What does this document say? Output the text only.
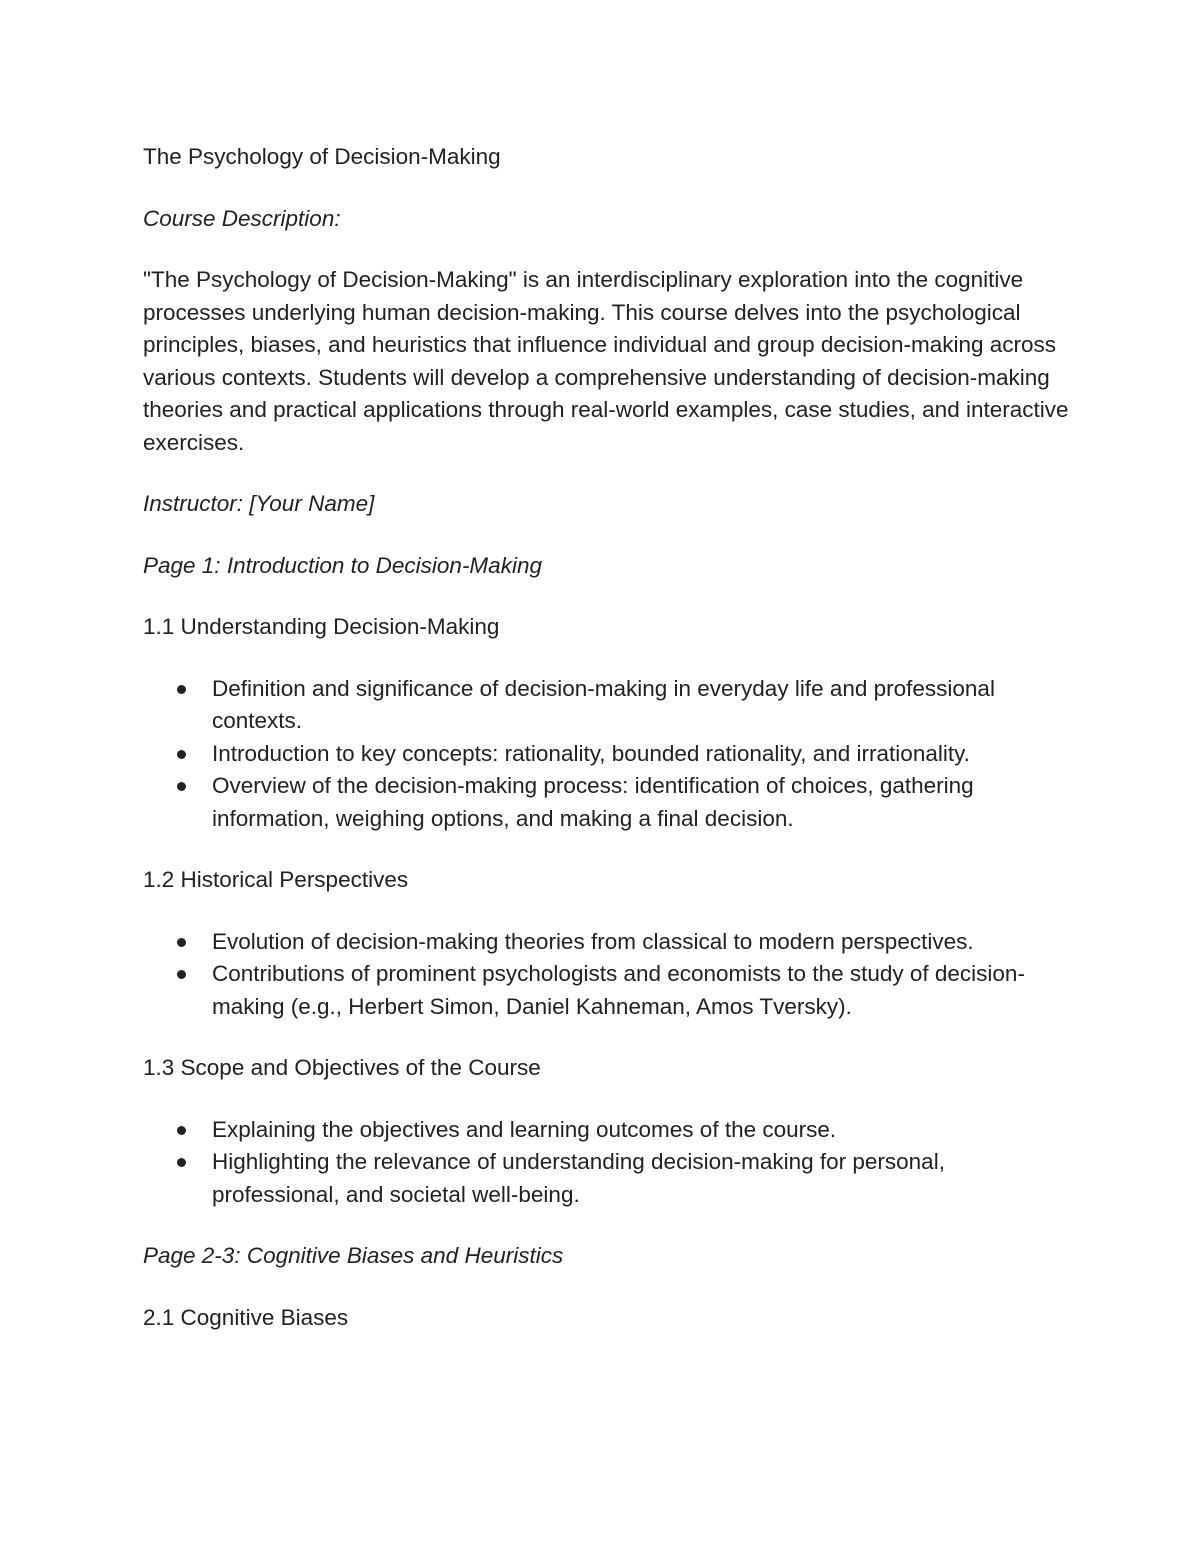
The Psychology of Decision-Making

Course Description:

"The Psychology of Decision-Making" is an interdisciplinary exploration into the cognitive processes underlying human decision-making. This course delves into the psychological principles, biases, and heuristics that influence individual and group decision-making across various contexts. Students will develop a comprehensive understanding of decision-making theories and practical applications through real-world examples, case studies, and interactive exercises.

Instructor: [Your Name]

Page 1: Introduction to Decision-Making

1.1 Understanding Decision-Making

Definition and significance of decision-making in everyday life and professional contexts.
Introduction to key concepts: rationality, bounded rationality, and irrationality.
Overview of the decision-making process: identification of choices, gathering information, weighing options, and making a final decision.

1.2 Historical Perspectives

Evolution of decision-making theories from classical to modern perspectives.
Contributions of prominent psychologists and economists to the study of decision-making (e.g., Herbert Simon, Daniel Kahneman, Amos Tversky).

1.3 Scope and Objectives of the Course

Explaining the objectives and learning outcomes of the course.
Highlighting the relevance of understanding decision-making for personal, professional, and societal well-being.

Page 2-3: Cognitive Biases and Heuristics

2.1 Cognitive Biases
